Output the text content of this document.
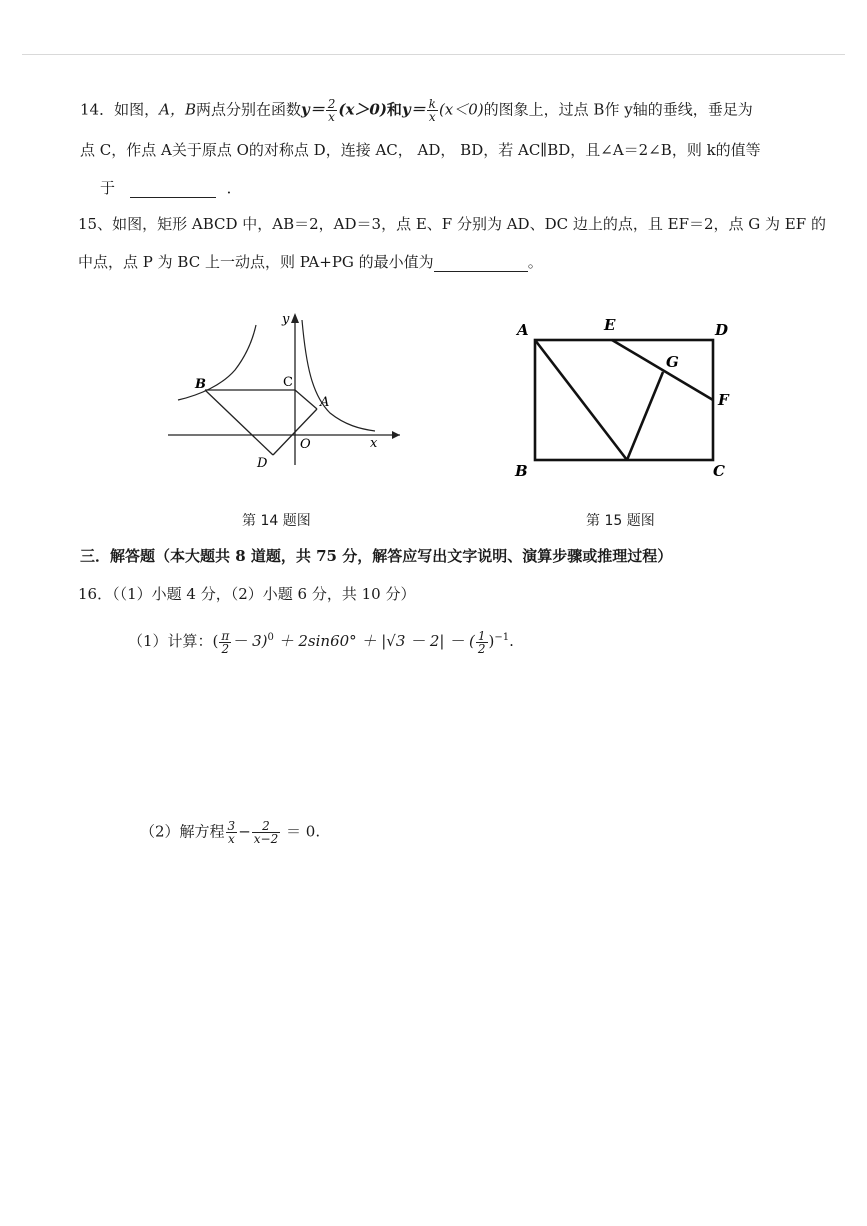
14．如图，A，B两点分别在函数$y= \frac{2}{x} (x>0)$和$y= \frac{k}{x} (x<0)$的图象上，过点 B作 y轴的垂线，垂足为
点 C，作点 A关于原点 O的对称点 D，连接 AC， AD， BD，若 AC∥BD，且∠A＝2∠B，则 k的值等
于	．
15、如图，矩形 ABCD 中，AB＝2，AD＝3，点 E、F 分别为 AD、DC 边上的点，且 EF＝2，点 G 为 EF 的
中点，点 P 为 BC 上一动点，则 PA+PG 的最小值为	。
y
x
B	C
A
O
D
A	E	D
G
F
B	C
第 14 题图	第 15 题图
三．解答题（本大题共 8 道题，共 75 分，解答应写出文字说明、演算步骤或推理过程）
16．（（1）小题 4 分，（2）小题 6 分，共 10 分）
（1）计算：( $\frac{\pi}{2} - 3)^0 + 2\sin 60^\circ + |√3 - 2|$ － ( $\frac{1}{2} )^{-1}$.
（2）解方程 $\frac{3}{x} - \frac{2}{x-2} = 0$.
